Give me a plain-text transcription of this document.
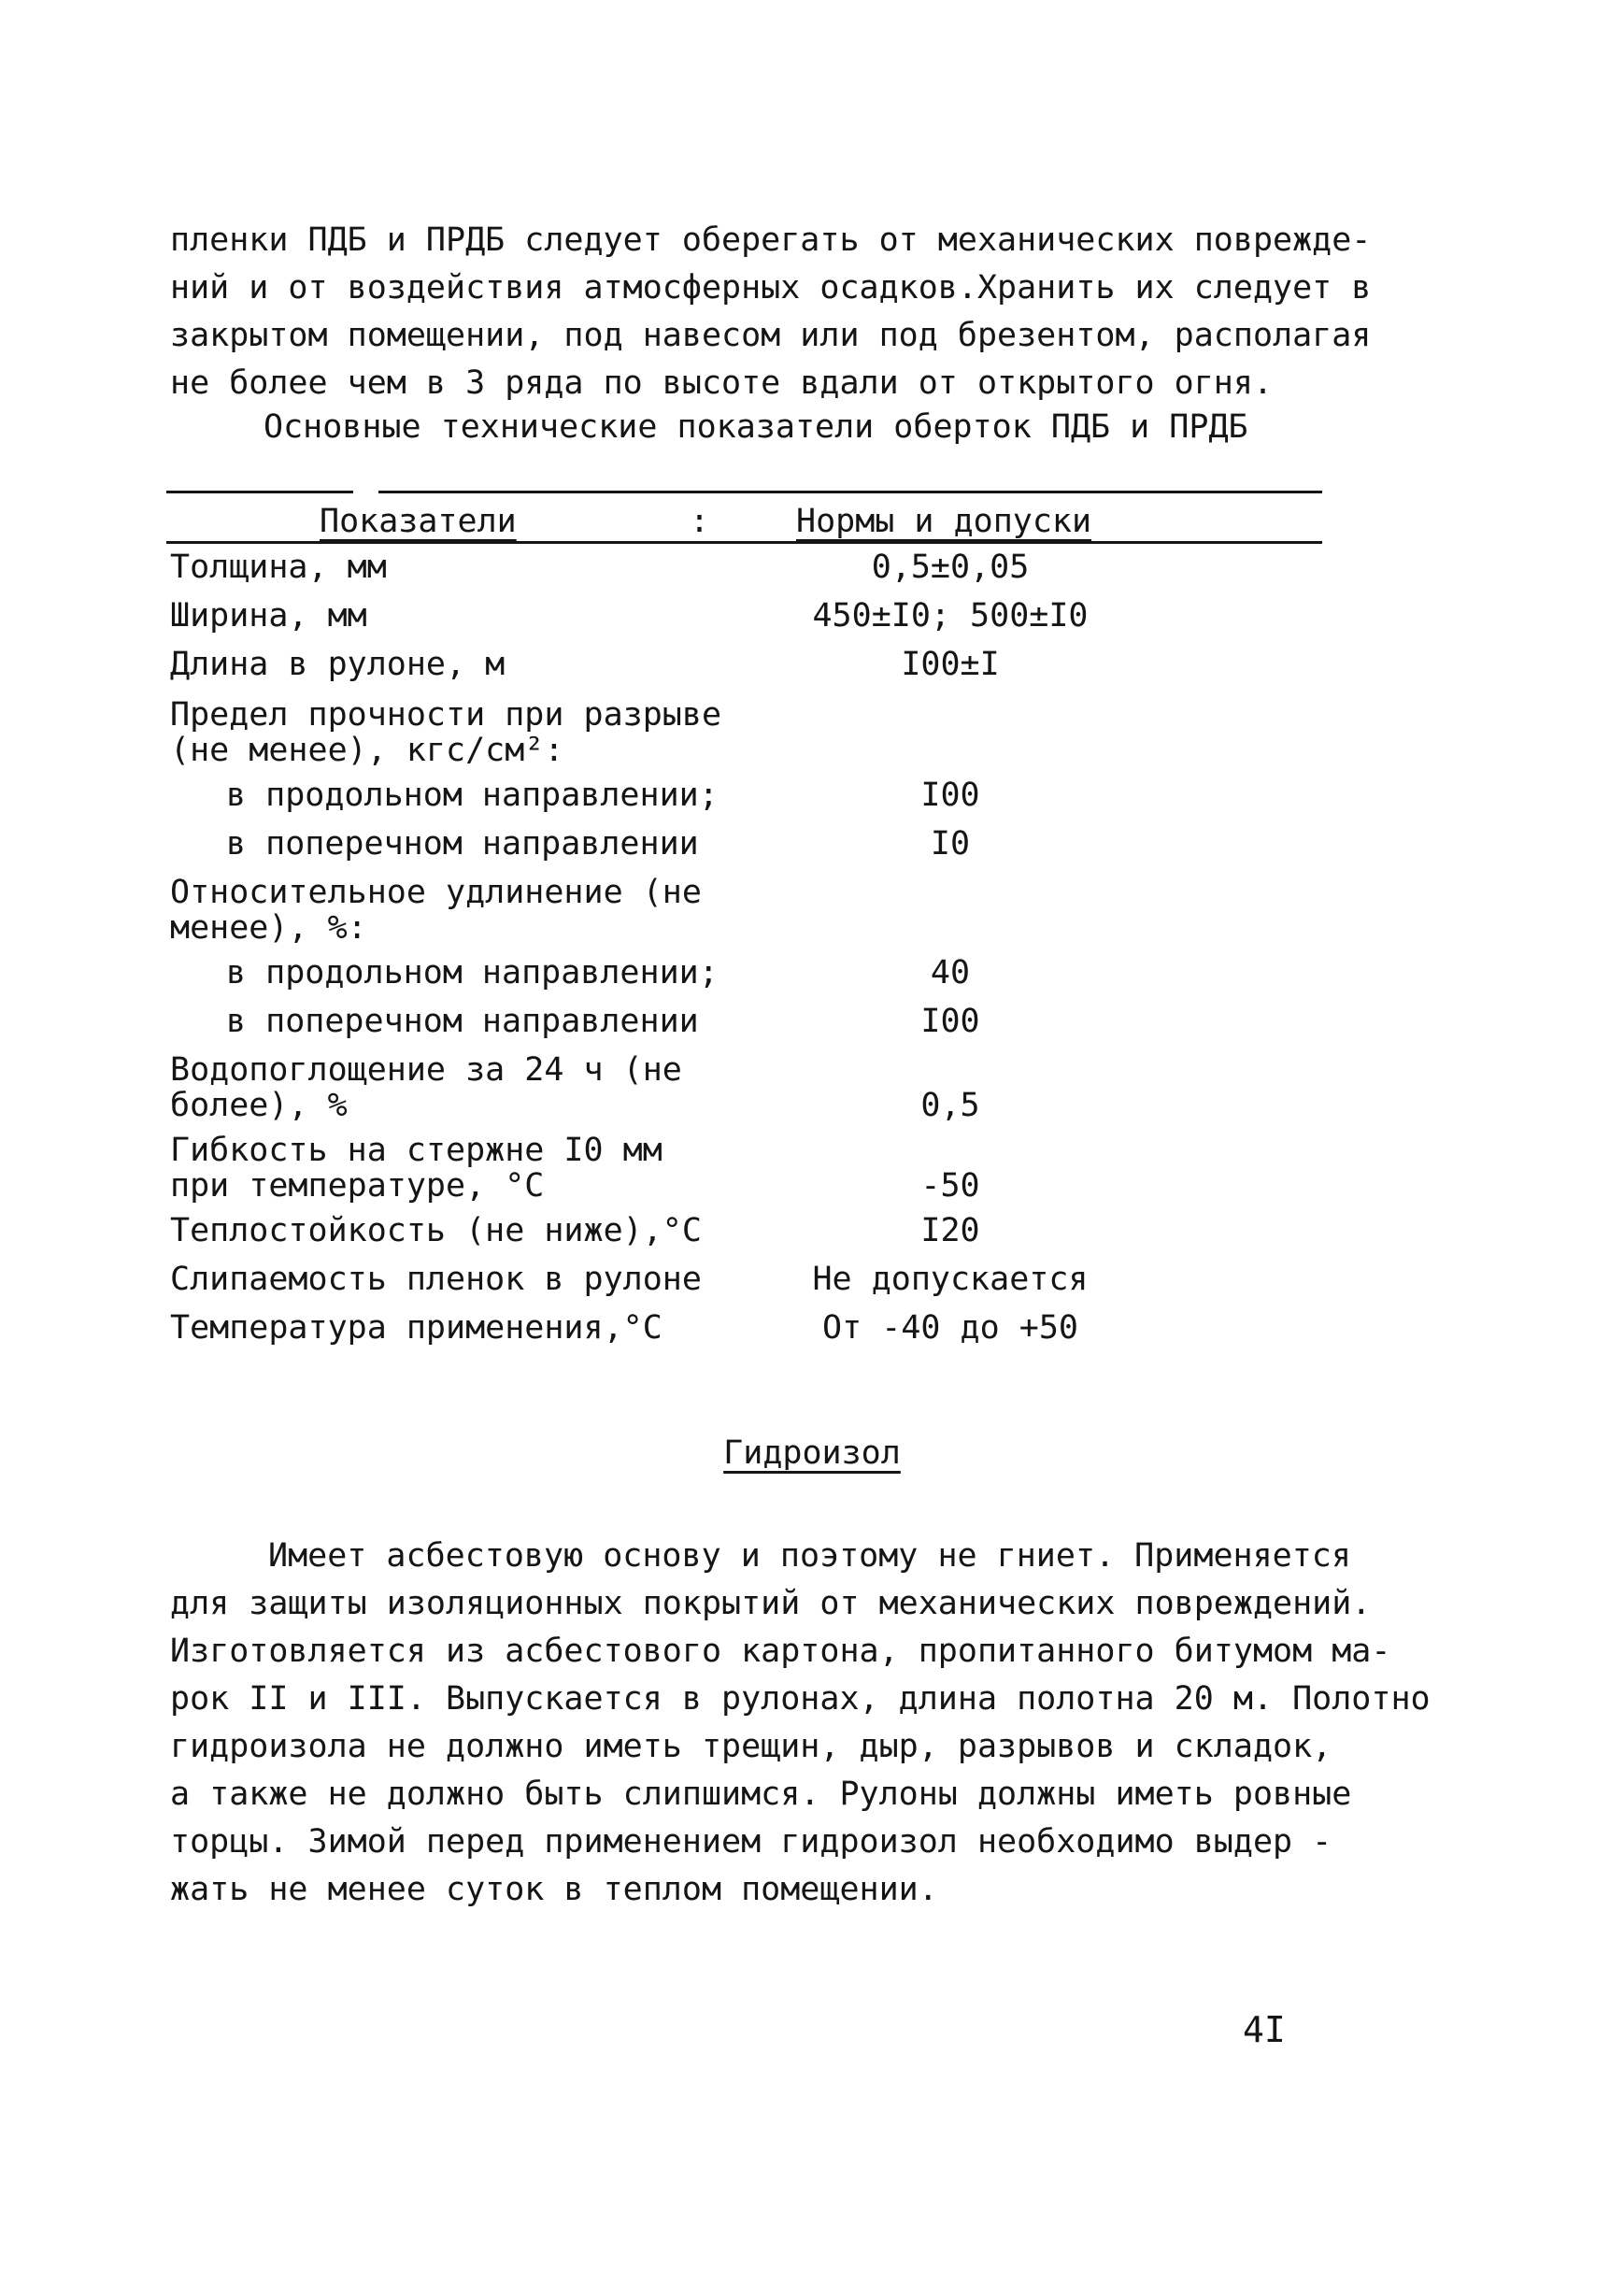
пленки ПДБ и ПРДБ следует оберегать от механических поврежде-
ний и от воздействия атмосферных осадков.Хранить их следует в
закрытом помещении, под навесом или под брезентом, располагая
не более чем в 3 ряда по высоте вдали от открытого огня.
Основные технические показатели оберток ПДБ и ПРДБ
Показатели	:	Нормы и допуски
Толщина, мм	0,5±0,05
Ширина, мм	450±I0; 500±I0
Длина в рулоне, м	I00±I
Предел прочности при разрыве
(не менее), кгс/см²:
в продольном направлении;	I00
в поперечном направлении	I0
Относительное удлинение (не
менее), %:
в продольном направлении;	40
в поперечном направлении	I00
Водопоглощение за 24 ч (не
более), %	0,5
Гибкость на стержне I0 мм
при температуре, °С	-50
Теплостойкость (не ниже),°С	I20
Слипаемость пленок в рулоне	Не допускается
Температура применения,°С	От -40 до +50
Гидроизол
Имеет асбестовую основу и поэтому не гниет. Применяется
для защиты изоляционных покрытий от механических повреждений.
Изготовляется из асбестового картона, пропитанного битумом ма-
рок II и III. Выпускается в рулонах, длина полотна 20 м. Полотно
гидроизола не должно иметь трещин, дыр, разрывов и складок,
а также не должно быть слипшимся. Рулоны должны иметь ровные
торцы. Зимой перед применением гидроизол необходимо выдер -
жать не менее суток в теплом помещении.
4I
